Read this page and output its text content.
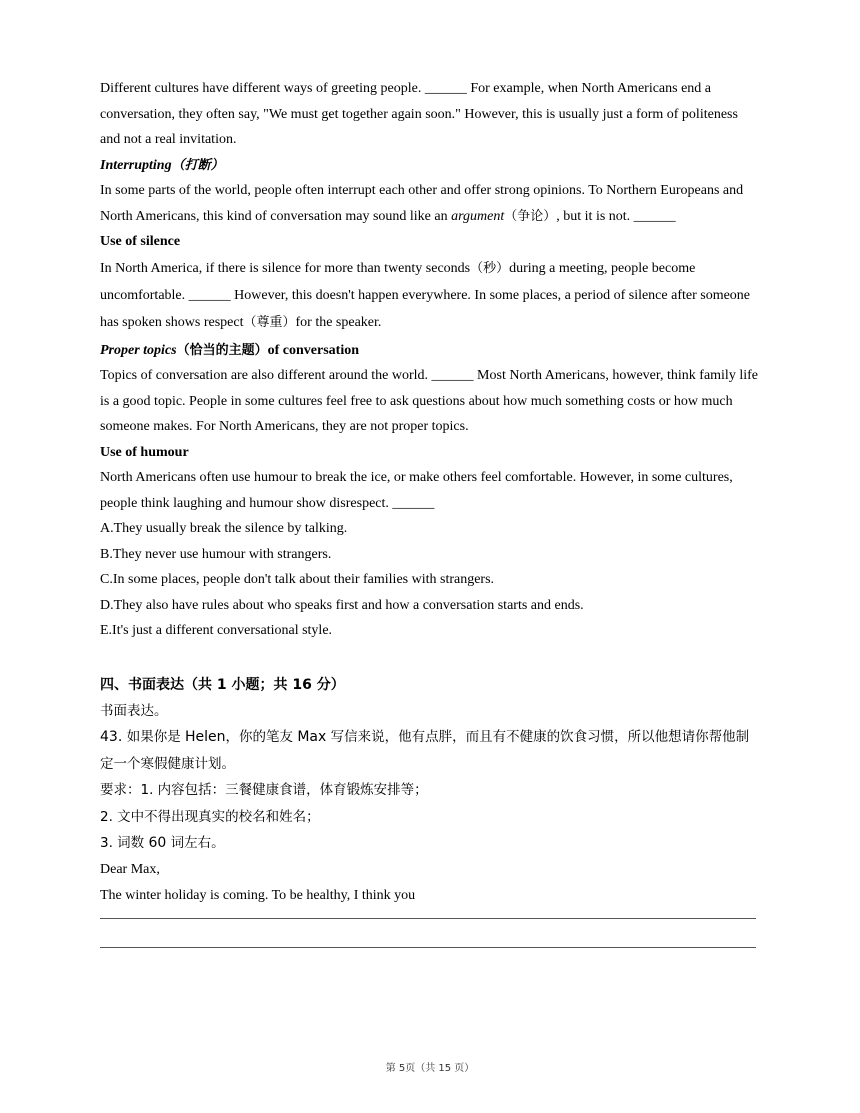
Different cultures have different ways of greeting people. ______ For example, when North Americans end a conversation, they often say, "We must get together again soon." However, this is usually just a form of politeness and not a real invitation.

Interrupting（打断）

In some parts of the world, people often interrupt each other and offer strong opinions. To Northern Europeans and North Americans, this kind of conversation may sound like an argument（争论）, but it is not. ______

Use of silence

In North America, if there is silence for more than twenty seconds（秒）during a meeting, people become uncomfortable. ______ However, this doesn't happen everywhere. In some places, a period of silence after someone has spoken shows respect（尊重）for the speaker.

Proper topics（恰当的主题）of conversation

Topics of conversation are also different around the world. ______ Most North Americans, however, think family life is a good topic. People in some cultures feel free to ask questions about how much something costs or how much someone makes. For North Americans, they are not proper topics.

Use of humour

North Americans often use humour to break the ice, or make others feel comfortable. However, in some cultures, people think laughing and humour show disrespect. ______

A.They usually break the silence by talking.

B.They never use humour with strangers.

C.In some places, people don't talk about their families with strangers.

D.They also have rules about who speaks first and how a conversation starts and ends.

E.It's just a different conversational style.

四、书面表达（共 1 小题；共 16 分）

书面表达。

43. 如果你是 Helen，你的笔友 Max 写信来说，他有点胖，而且有不健康的饮食习惯，所以他想请你帮他制定一个寒假健康计划。

要求：1. 内容包括：三餐健康食谱，体育锻炼安排等；

2. 文中不得出现真实的校名和姓名；

3. 词数 60 词左右。

Dear Max,

The winter holiday is coming. To be healthy, I think you

第 5页（共 15 页）
